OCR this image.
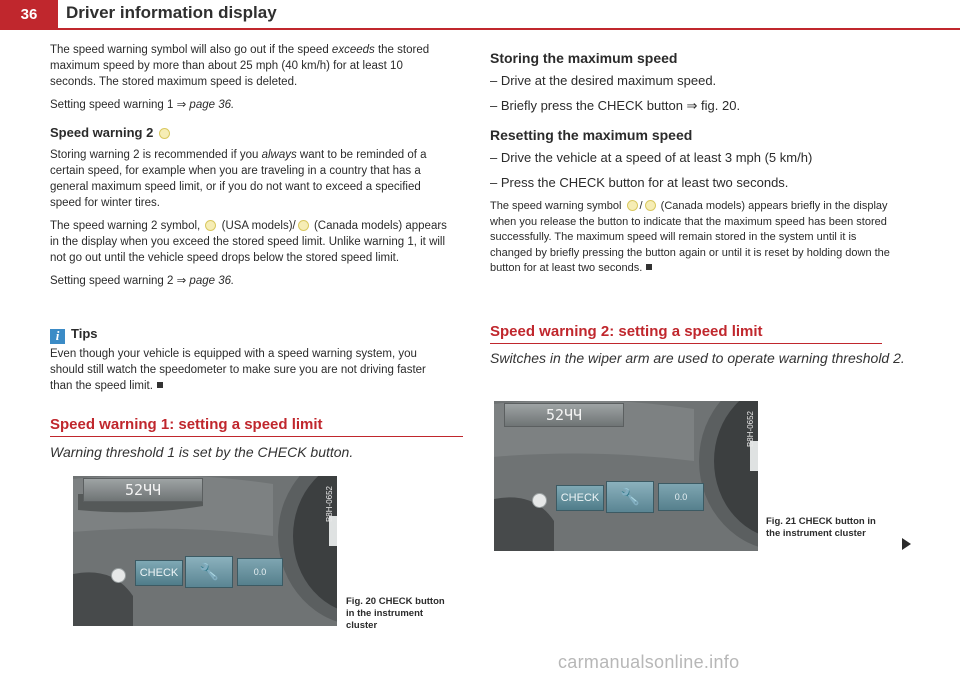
36	Driver information display

The speed warning symbol will also go out if the speed exceeds the stored maximum speed by more than about 25 mph (40 km/h) for at least 10 seconds. The stored maximum speed is deleted.

Setting speed warning 1 ⇒ page 36.

Speed warning 2

Storing warning 2 is recommended if you always want to be reminded of a certain speed, for example when you are traveling in a country that has a general maximum speed limit, or if you do not want to exceed a specified speed for winter tires.

The speed warning 2 symbol, (USA models)/ (Canada models) appears in the display when you exceed the stored speed limit. Unlike warning 1, it will not go out until the vehicle speed drops below the stored speed limit.

Setting speed warning 2 ⇒ page 36.

i Tips

Even though your vehicle is equipped with a speed warning system, you should still watch the speedometer to make sure you are not driving faster than the speed limit.

Speed warning 1: setting a speed limit
Warning threshold 1 is set by the CHECK button.
52ЧЧ	B8H-0652
CHECK 🔧	0.0
Fig. 20 CHECK button in the instrument cluster
Storing the maximum speed

– Drive at the desired maximum speed.

– Briefly press the CHECK button ⇒ fig. 20.

Resetting the maximum speed

– Drive the vehicle at a speed of at least 3 mph (5 km/h)

– Press the CHECK button for at least two seconds.

The speed warning symbol / (Canada models) appears briefly in the display when you release the button to indicate that the maximum speed has been stored successfully. The maximum speed will remain stored in the system until it is changed by briefly pressing the button again or until it is reset by holding down the button for at least two seconds.

Speed warning 2: setting a speed limit
Switches in the wiper arm are used to operate warning threshold 2.
52ЧЧ	B8H-0652
CHECK 🔧	0.0
Fig. 21 CHECK button in the instrument cluster
carmanualsonline.info
